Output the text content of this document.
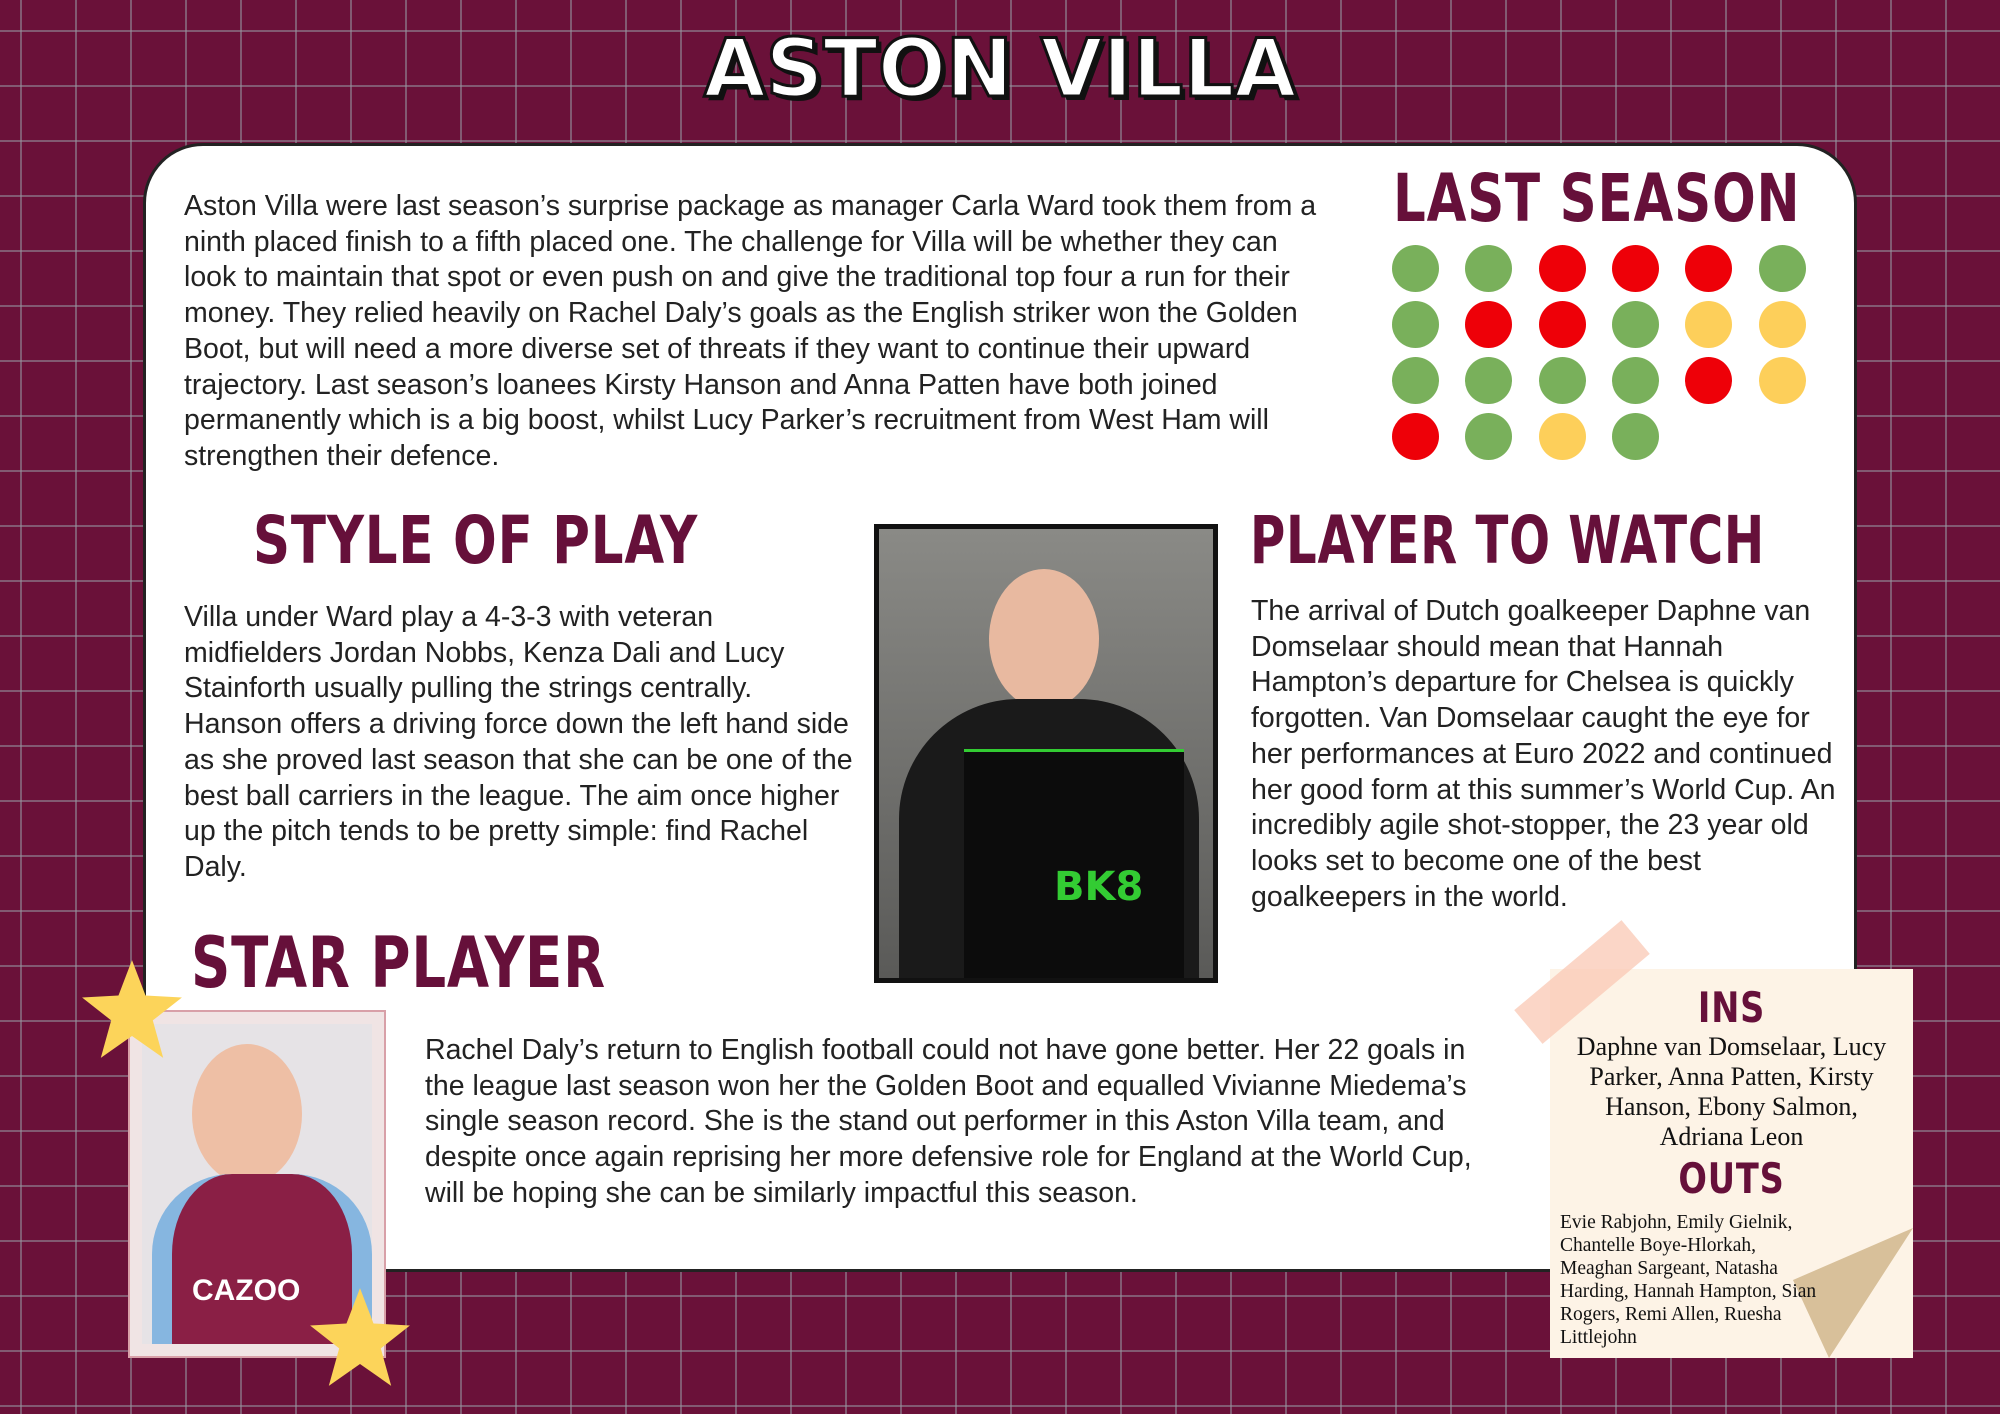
ASTON VILLA
Aston Villa were last season’s surprise package as manager Carla Ward took them from a ninth placed finish to a fifth placed one. The challenge for Villa will be whether they can look to maintain that spot or even push on and give the traditional top four a run for their money. They relied heavily on Rachel Daly’s goals as the English striker won the Golden Boot, but will need a more diverse set of threats if they want to continue their upward trajectory. Last season’s loanees Kirsty Hanson and Anna Patten have both joined permanently which is a big boost, whilst Lucy Parker’s recruitment from West Ham will strengthen their defence.
LAST SEASON
STYLE OF PLAY
Villa under Ward play a 4-3-3 with veteran midfielders Jordan Nobbs, Kenza Dali and Lucy Stainforth usually pulling the strings centrally. Hanson offers a driving force down the left hand side as she proved last season that she can be one of the best ball carriers in the league. The aim once higher up the pitch tends to be pretty simple: find Rachel Daly.	BK8
PLAYER TO WATCH
The arrival of Dutch goalkeeper Daphne van Domselaar should mean that Hannah Hampton’s departure for Chelsea is quickly forgotten. Van Domselaar caught the eye for her performances at Euro 2022 and continued her good form at this summer’s World Cup. An incredibly agile shot-stopper, the 23 year old looks set to become one of the best goalkeepers in the world.
STAR PLAYER
CAZOO
Rachel Daly’s return to English football could not have gone better. Her 22 goals in the league last season won her the Golden Boot and equalled Vivianne Miedema’s single season record. She is the stand out performer in this Aston Villa team, and despite once again reprising her more defensive role for England at the World Cup, will be hoping she can be similarly impactful this season.
INS
Daphne van Domselaar, Lucy Parker, Anna Patten, Kirsty Hanson, Ebony Salmon, Adriana Leon
OUTS
Evie Rabjohn, Emily Gielnik, Chantelle Boye-Hlorkah, Meaghan Sargeant, Natasha Harding, Hannah Hampton, Sian Rogers, Remi Allen, Ruesha Littlejohn
